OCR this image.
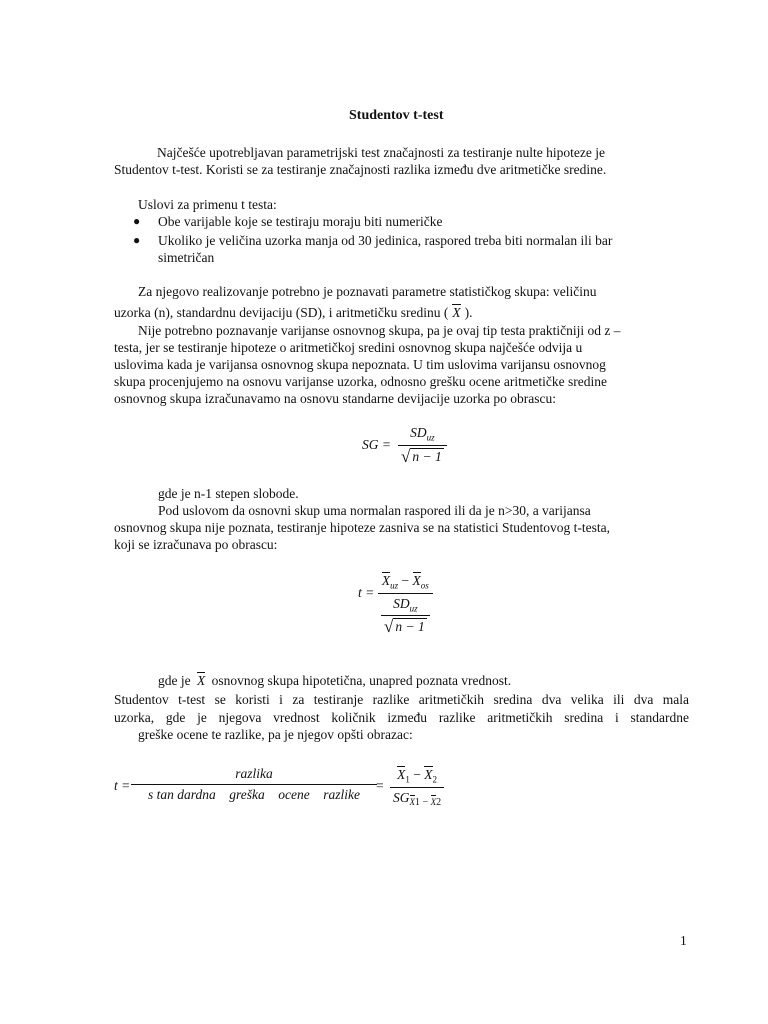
Studentov t-test
Najčešće upotrebljavan parametrijski test značajnosti za testiranje nulte hipoteze je
Studentov t-test. Koristi se za testiranje značajnosti razlika između dve aritmetičke sredine.
Uslovi za primenu t testa:
● Obe varijable koje se testiraju moraju biti numeričke
● Ukoliko je veličina uzorka manja od 30 jedinica, raspored treba biti normalan ili bar
simetričan
Za njegovo realizovanje potrebno je poznavati parametre statističkog skupa: veličinu
uzorka (n), standardnu devijaciju (SD), i aritmetičku sredinu ( X ).
Nije potrebno poznavanje varijanse osnovnog skupa, pa je ovaj tip testa praktičniji od z –
testa, jer se testiranje hipoteze o aritmetičkoj sredini osnovnog skupa najčešće odvija u
uslovima kada je varijansa osnovnog skupa nepoznata. U tim uslovima varijansu osnovnog
skupa procenjujemo na osnovu varijanse uzorka, odnosno grešku ocene aritmetičke sredine
osnovnog skupa izračunavamo na osnovu standarne devijacije uzorka po obrascu:
SG = $\frac{SD_{uz}}{√ n - 1}$
gde je n-1 stepen slobode.
Pod uslovom da osnovni skup uma normalan raspored ili da je n>30, a varijansa
osnovnog skupa nije poznata, testiranje hipoteze zasniva se na statistici Studentovog t-testa,
koji se izračunava po obrascu:
$t = \frac{X_{uz} - X_{os}}{\frac{SD_{uz}}{√ n - 1}}$
gde je X osnovnog skupa hipotetična, unapred poznata vrednost.
Studentov t-test se koristi i za testiranje razlike aritmetičkih sredina dva velika ili dva mala
uzorka, gde je njegova vrednost količnik između razlike aritmetičkih sredina i standardne
greške ocene te razlike, pa je njegov opšti obrazac:
$t = \frac{\text{razlika}}{\text{s tan dardna    greška    ocene    razlike}} = \frac{X_1 - X_2}{SG_{X1 - X2}}$
1
